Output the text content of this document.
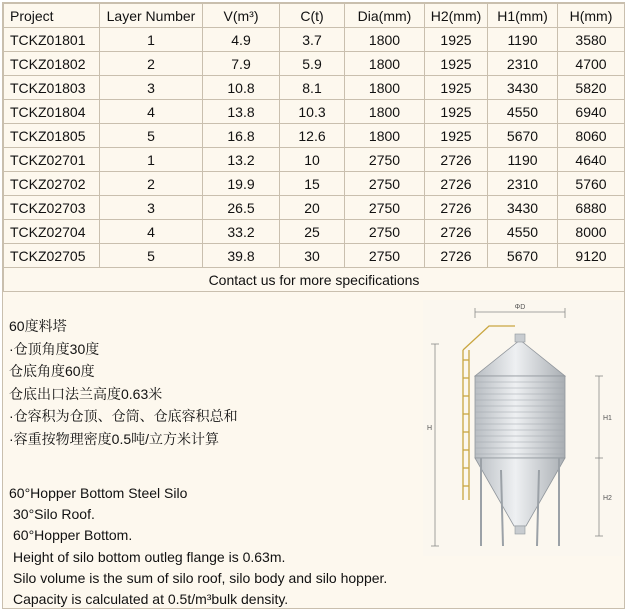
Project	Layer Number	V(m³)	C(t)	Dia(mm)	H2(mm)	H1(mm)	H(mm)
TCKZ01801	1	4.9	3.7	1800	1925	1190	3580
TCKZ01802	2	7.9	5.9	1800	1925	2310	4700
TCKZ01803	3	10.8	8.1	1800	1925	3430	5820
TCKZ01804	4	13.8	10.3	1800	1925	4550	6940
TCKZ01805	5	16.8	12.6	1800	1925	5670	8060
TCKZ02701	1	13.2	10	2750	2726	1190	4640
TCKZ02702	2	19.9	15	2750	2726	2310	5760
TCKZ02703	3	26.5	20	2750	2726	3430	6880
TCKZ02704	4	33.2	25	2750	2726	4550	8000
TCKZ02705	5	39.8	30	2750	2726	5670	9120
Contact us for more specifications							
60度料塔
·仓顶角度30度
仓底角度60度
仓底出口法兰高度0.63米
·仓容积为仓顶、仓筒、仓底容积总和
·容重按物理密度0.5吨/立方米计算
60°Hopper Bottom Steel Silo
30°Silo Roof.
60°Hopper Bottom.
Height of silo bottom outleg flange is 0.63m.
Silo volume is the sum of silo roof, silo body and silo hopper.
Capacity is calculated at 0.5t/m³bulk density.
ΦD
H
H1
H2
